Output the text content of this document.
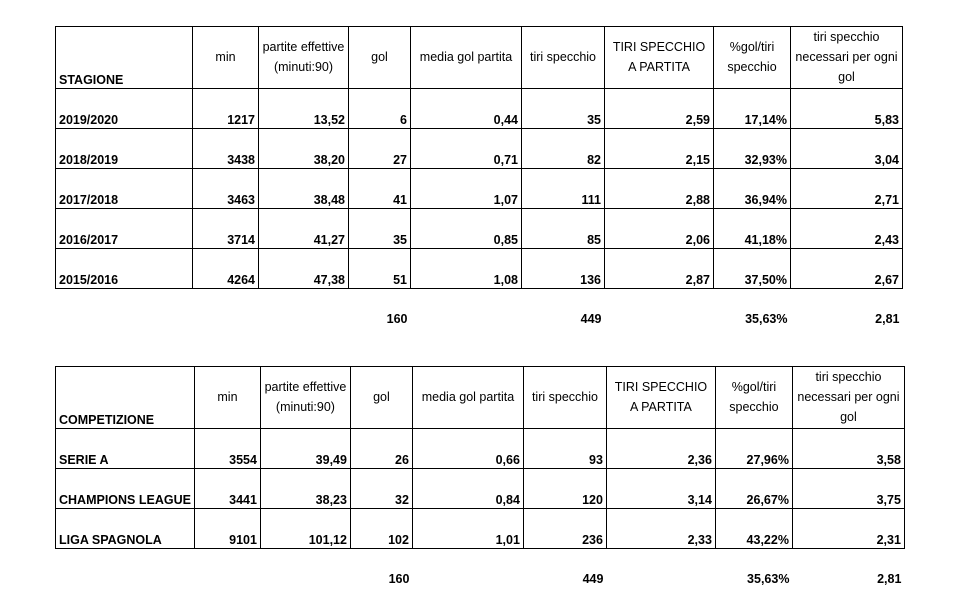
STAGIONE	min	partite effettive (minuti:90)	gol	media gol partita	tiri specchio	TIRI SPECCHIO A PARTITA	%gol/tiri specchio	tiri specchio necessari per ogni gol
2019/2020	1217	13,52	6	0,44	35	2,59	17,14%	5,83
2018/2019	3438	38,20	27	0,71	82	2,15	32,93%	3,04
2017/2018	3463	38,48	41	1,07	111	2,88	36,94%	2,71
2016/2017	3714	41,27	35	0,85	85	2,06	41,18%	2,43
2015/2016	4264	47,38	51	1,08	136	2,87	37,50%	2,67
			160		449		35,63%	2,81
COMPETIZIONE	min	partite effettive (minuti:90)	gol	media gol partita	tiri specchio	TIRI SPECCHIO A PARTITA	%gol/tiri specchio	tiri specchio necessari per ogni gol
SERIE A	3554	39,49	26	0,66	93	2,36	27,96%	3,58
CHAMPIONS LEAGUE	3441	38,23	32	0,84	120	3,14	26,67%	3,75
LIGA SPAGNOLA	9101	101,12	102	1,01	236	2,33	43,22%	2,31
			160		449		35,63%	2,81
